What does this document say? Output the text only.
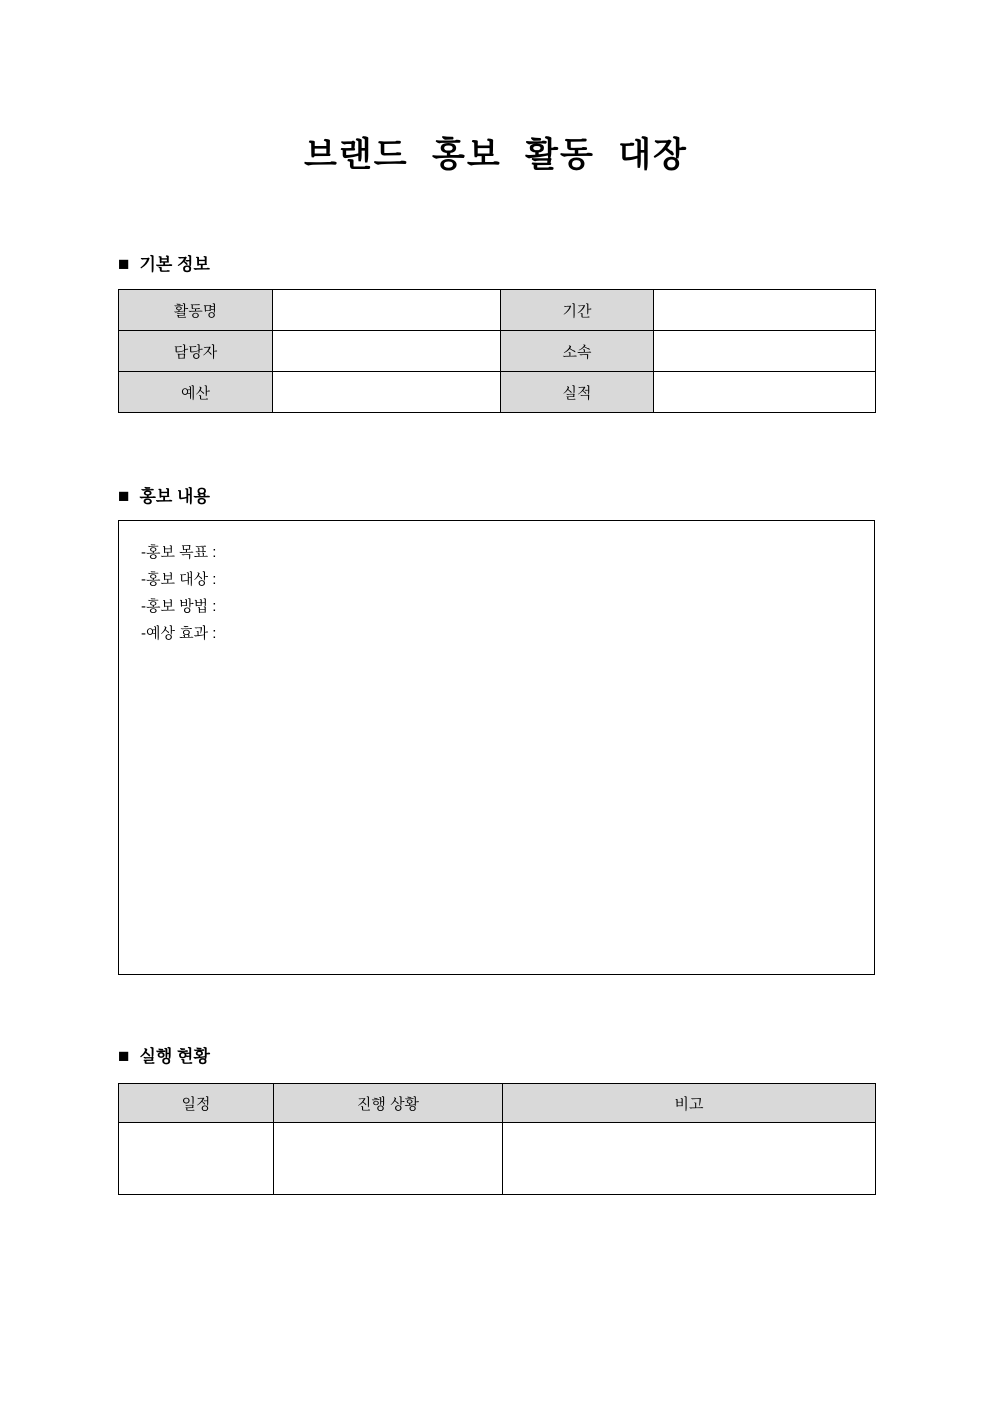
브랜드 홍보 활동 대장
■ 기본 정보
활동명		기간	
담당자		소속	
예산		실적	
■ 홍보 내용
-홍보 목표 :
-홍보 대상 :
-홍보 방법 :
-예상 효과 :
■ 실행 현황
일정	진행 상황	비고
